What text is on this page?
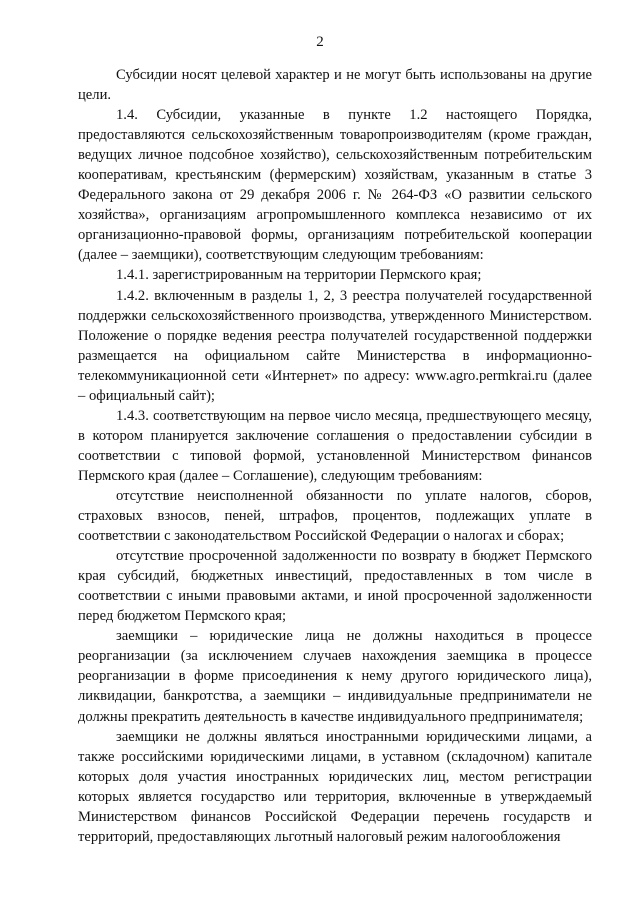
2

Субсидии носят целевой характер и не могут быть использованы на другие цели.

1.4. Субсидии, указанные в пункте 1.2 настоящего Порядка, предоставляются сельскохозяйственным товаропроизводителям (кроме граждан, ведущих личное подсобное хозяйство), сельскохозяйственным потребительским кооперативам, крестьянским (фермерским) хозяйствам, указанным в статье 3 Федерального закона от 29 декабря 2006 г. № 264-ФЗ «О развитии сельского хозяйства», организациям агропромышленного комплекса независимо от их организационно-правовой формы, организациям потребительской кооперации (далее – заемщики), соответствующим следующим требованиям:

1.4.1. зарегистрированным на территории Пермского края;

1.4.2. включенным в разделы 1, 2, 3 реестра получателей государственной поддержки сельскохозяйственного производства, утвержденного Министерством. Положение о порядке ведения реестра получателей государственной поддержки размещается на официальном сайте Министерства в информационно-телекоммуникационной сети «Интернет» по адресу: www.agro.permkrai.ru (далее – официальный сайт);

1.4.3. соответствующим на первое число месяца, предшествующего месяцу, в котором планируется заключение соглашения о предоставлении субсидии в соответствии с типовой формой, установленной Министерством финансов Пермского края (далее – Соглашение), следующим требованиям:

отсутствие неисполненной обязанности по уплате налогов, сборов, страховых взносов, пеней, штрафов, процентов, подлежащих уплате в соответствии с законодательством Российской Федерации о налогах и сборах;

отсутствие просроченной задолженности по возврату в бюджет Пермского края субсидий, бюджетных инвестиций, предоставленных в том числе в соответствии с иными правовыми актами, и иной просроченной задолженности перед бюджетом Пермского края;

заемщики – юридические лица не должны находиться в процессе реорганизации (за исключением случаев нахождения заемщика в процессе реорганизации в форме присоединения к нему другого юридического лица), ликвидации, банкротства, а заемщики – индивидуальные предприниматели не должны прекратить деятельность в качестве индивидуального предпринимателя;

заемщики не должны являться иностранными юридическими лицами, а также российскими юридическими лицами, в уставном (складочном) капитале которых доля участия иностранных юридических лиц, местом регистрации которых является государство или территория, включенные в утверждаемый Министерством финансов Российской Федерации перечень государств и территорий, предоставляющих льготный налоговый режим налогообложения
